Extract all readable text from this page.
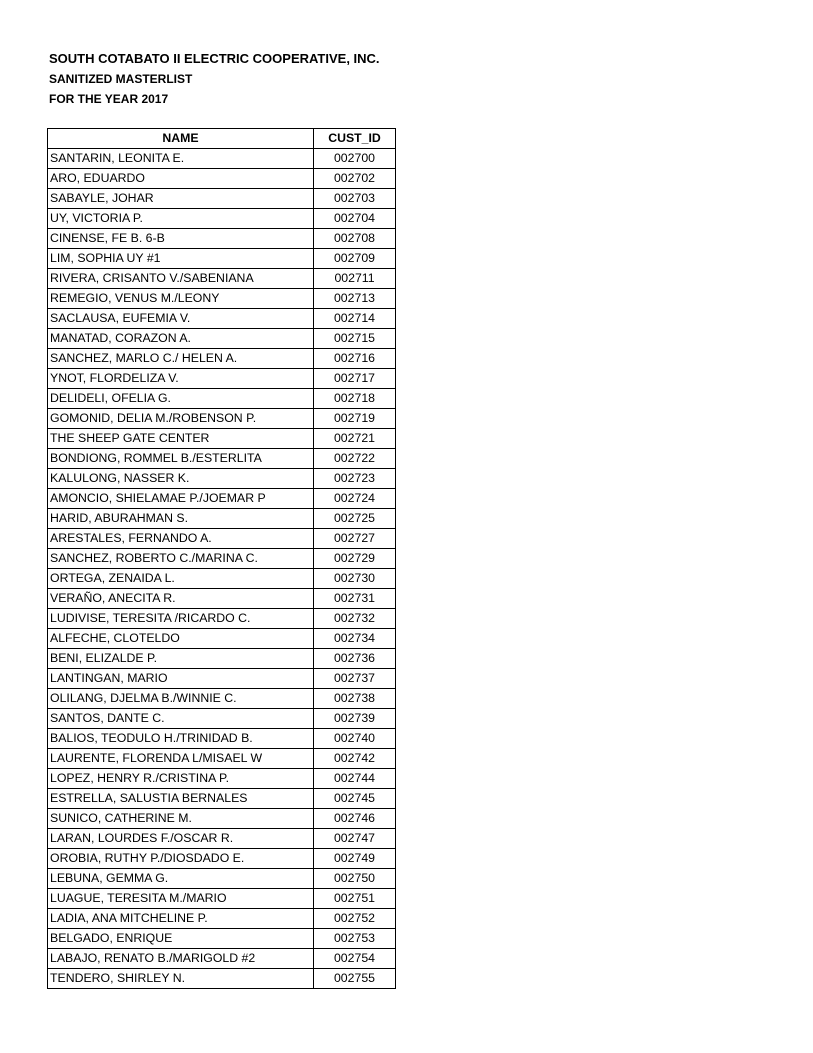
SOUTH COTABATO II ELECTRIC COOPERATIVE, INC.
SANITIZED MASTERLIST
FOR THE YEAR 2017
NAME	CUST_ID
SANTARIN, LEONITA E.	002700
ARO, EDUARDO	002702
SABAYLE, JOHAR	002703
UY, VICTORIA P.	002704
CINENSE, FE B. 6-B	002708
LIM, SOPHIA UY #1	002709
RIVERA, CRISANTO V./SABENIANA	002711
REMEGIO, VENUS M./LEONY	002713
SACLAUSA, EUFEMIA V.	002714
MANATAD, CORAZON A.	002715
SANCHEZ, MARLO C./ HELEN A.	002716
YNOT, FLORDELIZA V.	002717
DELIDELI, OFELIA G.	002718
GOMONID, DELIA M./ROBENSON P.	002719
THE SHEEP GATE CENTER	002721
BONDIONG, ROMMEL B./ESTERLITA	002722
KALULONG, NASSER K.	002723
AMONCIO, SHIELAMAE P./JOEMAR P	002724
HARID, ABURAHMAN S.	002725
ARESTALES, FERNANDO A.	002727
SANCHEZ, ROBERTO C./MARINA C.	002729
ORTEGA, ZENAIDA L.	002730
VERAÑO, ANECITA R.	002731
LUDIVISE, TERESITA /RICARDO C.	002732
ALFECHE, CLOTELDO	002734
BENI, ELIZALDE P.	002736
LANTINGAN, MARIO	002737
OLILANG, DJELMA B./WINNIE C.	002738
SANTOS, DANTE C.	002739
BALIOS, TEODULO H./TRINIDAD B.	002740
LAURENTE, FLORENDA L/MISAEL W	002742
LOPEZ, HENRY R./CRISTINA P.	002744
ESTRELLA, SALUSTIA BERNALES	002745
SUNICO, CATHERINE M.	002746
LARAN, LOURDES F./OSCAR R.	002747
OROBIA, RUTHY P./DIOSDADO E.	002749
LEBUNA, GEMMA G.	002750
LUAGUE, TERESITA M./MARIO	002751
LADIA, ANA MITCHELINE P.	002752
BELGADO, ENRIQUE	002753
LABAJO, RENATO B./MARIGOLD #2	002754
TENDERO, SHIRLEY N.	002755
